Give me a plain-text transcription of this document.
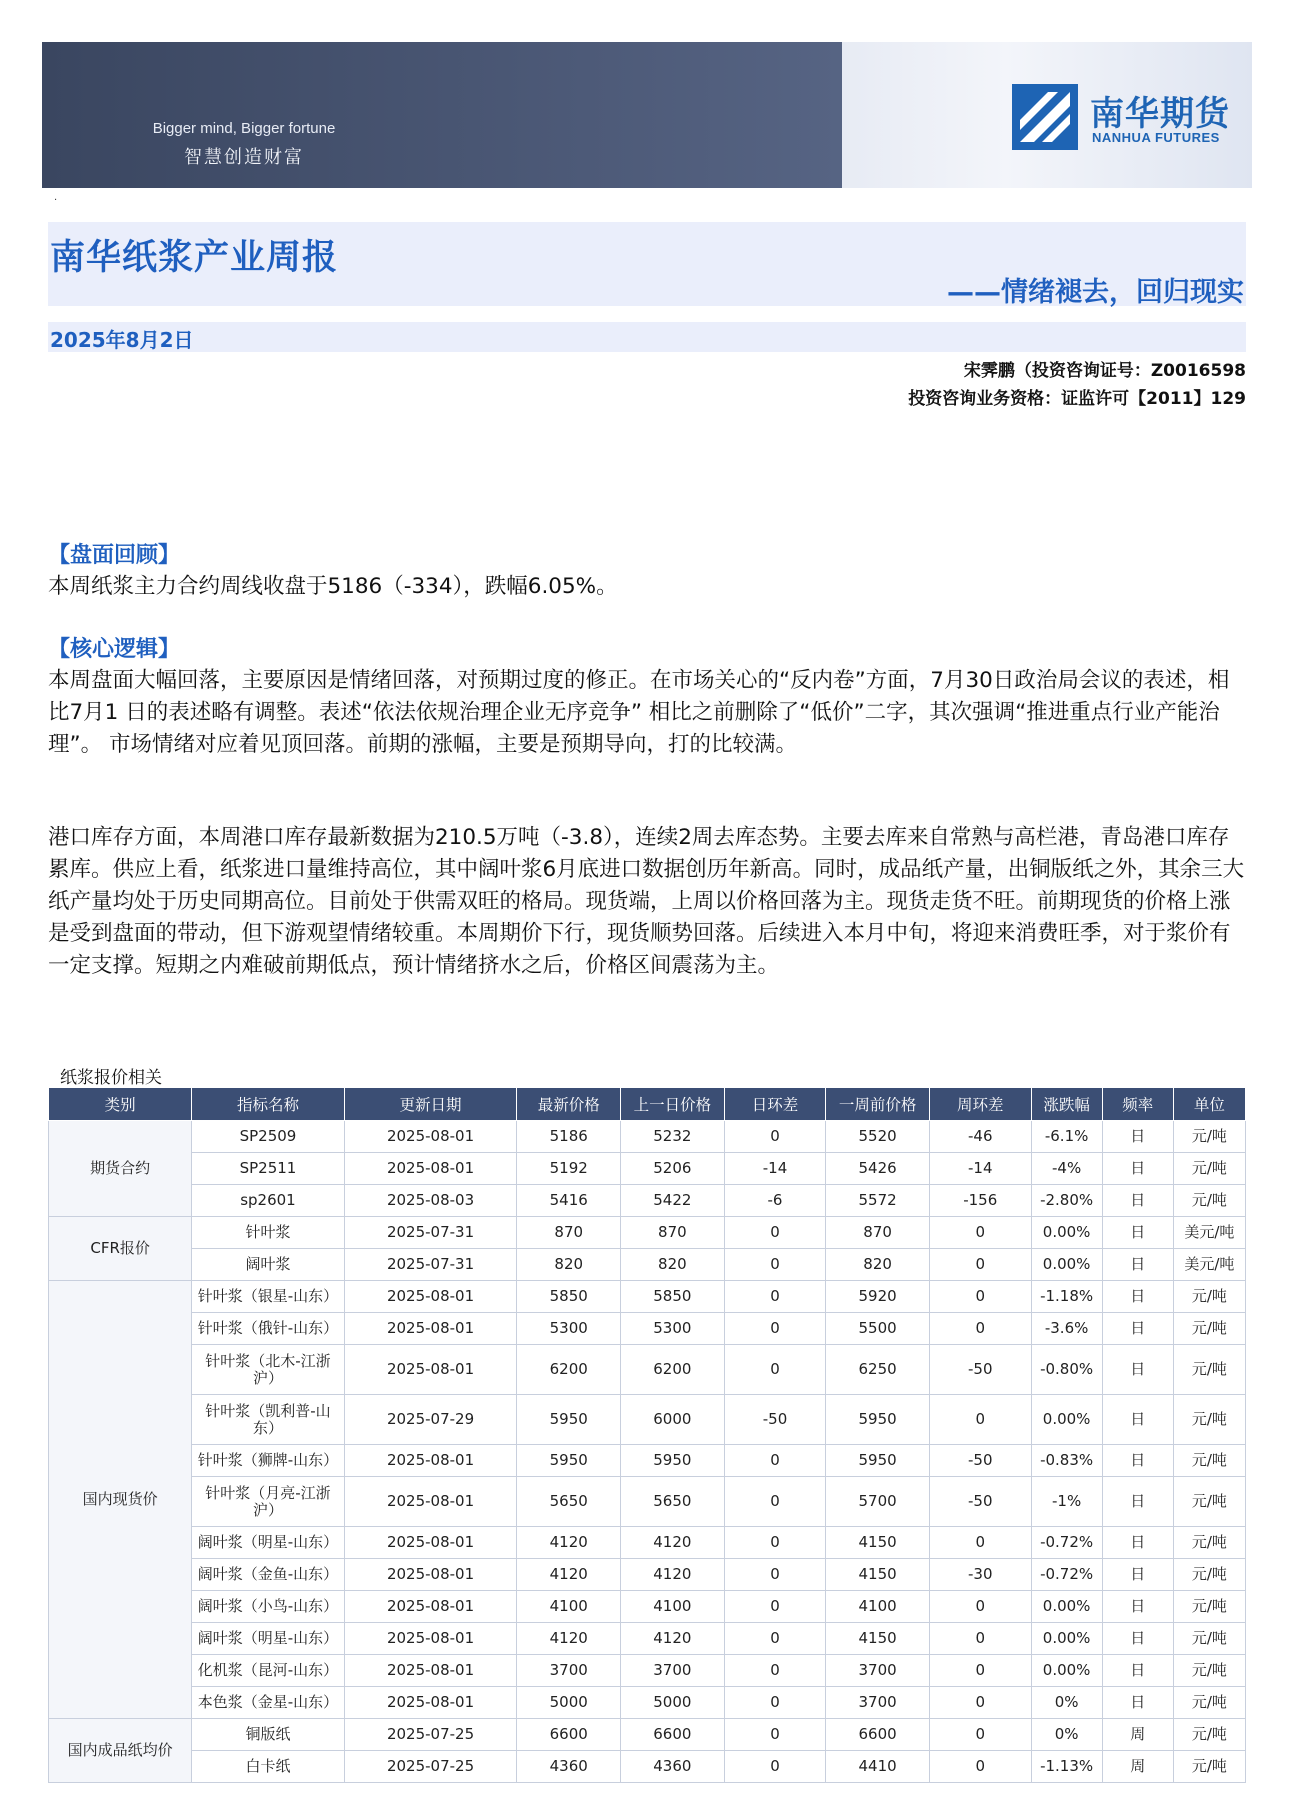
Bigger mind, Bigger fortune
智慧创造财富
南华期货
NANHUA FUTURES
·
南华纸浆产业周报
——情绪褪去，回归现实
2025年8月2日
宋霁鹏（投资咨询证号：Z0016598
投资咨询业务资格：证监许可【2011】129
【盘面回顾】
本周纸浆主力合约周线收盘于5186（-334），跌幅6.05%。
【核心逻辑】
本周盘面大幅回落，主要原因是情绪回落，对预期过度的修正。在市场关心的“反内卷”方面，7月30日政治局会议的表述，相比7月1 日的表述略有调整。表述“依法依规治理企业无序竞争” 相比之前删除了“低价”二字，其次强调“推进重点行业产能治理”。 市场情绪对应着见顶回落。前期的涨幅，主要是预期导向，打的比较满。
港口库存方面，本周港口库存最新数据为210.5万吨（-3.8），连续2周去库态势。主要去库来自常熟与高栏港，青岛港口库存累库。供应上看，纸浆进口量维持高位，其中阔叶浆6月底进口数据创历年新高。同时，成品纸产量，出铜版纸之外，其余三大纸产量均处于历史同期高位。目前处于供需双旺的格局。现货端，上周以价格回落为主。现货走货不旺。前期现货的价格上涨是受到盘面的带动，但下游观望情绪较重。本周期价下行，现货顺势回落。后续进入本月中旬，将迎来消费旺季，对于浆价有一定支撑。短期之内难破前期低点，预计情绪挤水之后，价格区间震荡为主。
纸浆报价相关
类别	指标名称	更新日期	最新价格	上一日价格	日环差	一周前价格	周环差	涨跌幅	频率	单位
期货合约	SP2509	2025-08-01	5186	5232	0	5520	-46	-6.1%	日	元/吨
	SP2511	2025-08-01	5192	5206	-14	5426	-14	-4%	日	元/吨
	sp2601	2025-08-03	5416	5422	-6	5572	-156	-2.80%	日	元/吨
CFR报价	针叶浆	2025-07-31	870	870	0	870	0	0.00%	日	美元/吨
	阔叶浆	2025-07-31	820	820	0	820	0	0.00%	日	美元/吨
国内现货价	针叶浆（银星-山东）	2025-08-01	5850	5850	0	5920	0	-1.18%	日	元/吨
	针叶浆（俄针-山东）	2025-08-01	5300	5300	0	5500	0	-3.6%	日	元/吨
	针叶浆（北木-江浙沪）	2025-08-01	6200	6200	0	6250	-50	-0.80%	日	元/吨
	针叶浆（凯利普-山东）	2025-07-29	5950	6000	-50	5950	0	0.00%	日	元/吨
	针叶浆（狮牌-山东）	2025-08-01	5950	5950	0	5950	-50	-0.83%	日	元/吨
	针叶浆（月亮-江浙沪）	2025-08-01	5650	5650	0	5700	-50	-1%	日	元/吨
	阔叶浆（明星-山东）	2025-08-01	4120	4120	0	4150	0	-0.72%	日	元/吨
	阔叶浆（金鱼-山东）	2025-08-01	4120	4120	0	4150	-30	-0.72%	日	元/吨
	阔叶浆（小鸟-山东）	2025-08-01	4100	4100	0	4100	0	0.00%	日	元/吨
	阔叶浆（明星-山东）	2025-08-01	4120	4120	0	4150	0	0.00%	日	元/吨
	化机浆（昆河-山东）	2025-08-01	3700	3700	0	3700	0	0.00%	日	元/吨
	本色浆（金星-山东）	2025-08-01	5000	5000	0	3700	0	0%	日	元/吨
国内成品纸均价	铜版纸	2025-07-25	6600	6600	0	6600	0	0%	周	元/吨
	白卡纸	2025-07-25	4360	4360	0	4410	0	-1.13%	周	元/吨
